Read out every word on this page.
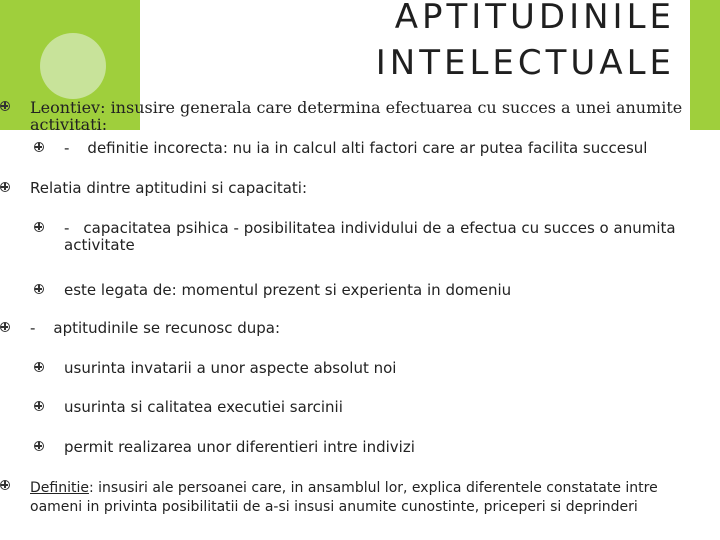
APTITUDINILE
INTELECTUALE
Leontiev: insusire generala care determina efectuarea cu succes a unei anumite activitati:
- definitie incorecta: nu ia in calcul alti factori care ar putea facilita succesul
Relatia dintre aptitudini si capacitati:
- capacitatea psihica - posibilitatea individului de a efectua cu succes o anumita
activitate
este legata de: momentul prezent si experienta in domeniu
- aptitudinile se recunosc dupa:
usurinta invatarii a unor aspecte absolut noi
usurinta si calitatea executiei sarcinii
permit realizarea unor diferentieri intre indivizi
Definitie: insusiri ale persoanei care, in ansamblul lor, explica diferentele constatate intre
oameni in privinta posibilitatii de a-si insusi anumite cunostinte, priceperi si deprinderi
